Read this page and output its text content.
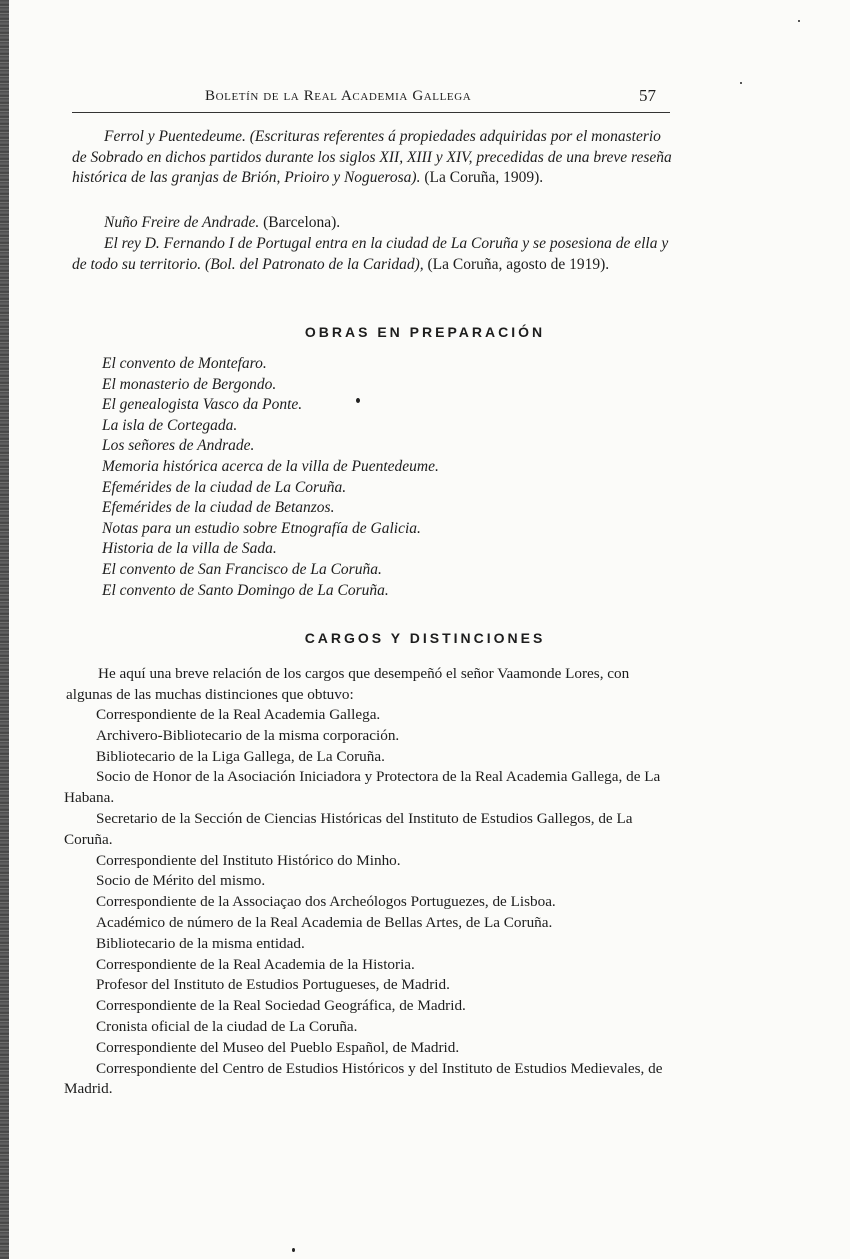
Boletín de la Real Academia Gallega	57

Ferrol y Puentedeume. (Escrituras referentes á propiedades adquiridas por el monasterio de Sobrado en dichos partidos durante los siglos XII, XIII y XIV, precedidas de una breve reseña histórica de las granjas de Brión, Prioiro y Noguerosa). (La Coruña, 1909).

Nuño Freire de Andrade. (Barcelona).

El rey D. Fernando I de Portugal entra en la ciudad de La Coruña y se posesiona de ella y de todo su territorio. (Bol. del Patronato de la Caridad), (La Coruña, agosto de 1919).

OBRAS EN PREPARACIÓN
El convento de Montefaro.
El monasterio de Bergondo.
El genealogista Vasco da Ponte.
La isla de Cortegada.
Los señores de Andrade.
Memoria histórica acerca de la villa de Puentedeume.
Efemérides de la ciudad de La Coruña.
Efemérides de la ciudad de Betanzos.
Notas para un estudio sobre Etnografía de Galicia.
Historia de la villa de Sada.
El convento de San Francisco de La Coruña.
El convento de Santo Domingo de La Coruña.
CARGOS Y DISTINCIONES

He aquí una breve relación de los cargos que desempeñó el señor Vaamonde Lores, con algunas de las muchas distinciones que obtuvo:

Correspondiente de la Real Academia Gallega.
Archivero-Bibliotecario de la misma corporación.
Bibliotecario de la Liga Gallega, de La Coruña.
Socio de Honor de la Asociación Iniciadora y Protectora de la Real Academia Gallega, de La Habana.
Secretario de la Sección de Ciencias Históricas del Instituto de Estudios Gallegos, de La Coruña.
Correspondiente del Instituto Histórico do Minho.
Socio de Mérito del mismo.
Correspondiente de la Associaçao dos Archeólogos Portuguezes, de Lisboa.
Académico de número de la Real Academia de Bellas Artes, de La Coruña.
Bibliotecario de la misma entidad.
Correspondiente de la Real Academia de la Historia.
Profesor del Instituto de Estudios Portugueses, de Madrid.
Correspondiente de la Real Sociedad Geográfica, de Madrid.
Cronista oficial de la ciudad de La Coruña.
Correspondiente del Museo del Pueblo Español, de Madrid.
Correspondiente del Centro de Estudios Históricos y del Instituto de Estudios Medievales, de Madrid.
